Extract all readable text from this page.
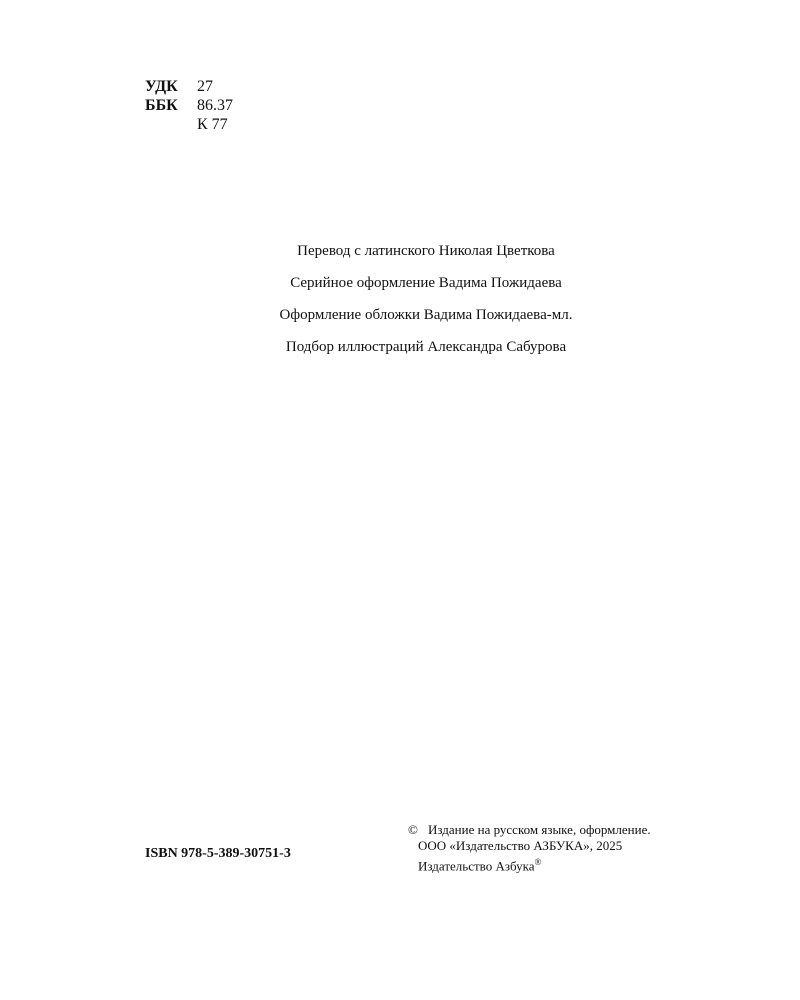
УДК	27
ББК	86.37
К 77
Перевод с латинского Николая Цветкова
Серийное оформление Вадима Пожидаева
Оформление обложки Вадима Пожидаева-мл.
Подбор иллюстраций Александра Сабурова
ISBN 978-5-389-30751-3
© Издание на русском языке, оформление.
ООО «Издательство АЗБУКА», 2025
Издательство Азбука®
